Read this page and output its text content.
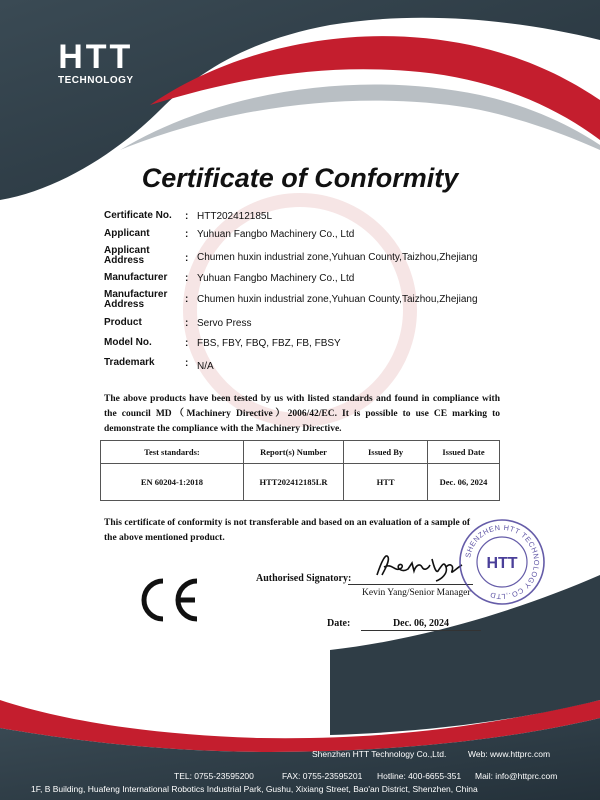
HTT
TECHNOLOGY
Certificate of Conformity
Certificate No.	: HTT202412185L
Applicant	: Yuhuan Fangbo Machinery Co., Ltd
Applicant Address	: Chumen huxin industrial zone,Yuhuan County,Taizhou,Zhejiang
Manufacturer	: Yuhuan Fangbo Machinery Co., Ltd
Manufacturer Address	: Chumen huxin industrial zone,Yuhuan County,Taizhou,Zhejiang
Product	: Servo Press
Model No.	: FBS, FBY, FBQ, FBZ, FB, FBSY
Trademark	: N/A
The above products have been tested by us with listed standards and found in compliance with the council MD（Machinery Directive）2006/42/EC. It is possible to use CE marking to demonstrate the compliance with the Machinery Directive.
Test standards:	Report(s) Number	Issued By	Issued Date
EN 60204-1:2018	HTT202412185LR	HTT	Dec. 06, 2024
This certificate of conformity is not transferable and based on an evaluation of a sample of the above mentioned product.
Authorised Signatory:
Kevin Yang/Senior Manager
SHENZHEN HTT TECHNOLOGY CO.,LTD
HTT
Date:	Dec. 06, 2024
Shenzhen HTT Technology Co.,Ltd.	Web: www.httprc.com
TEL: 0755-23595200	FAX: 0755-23595201 Hotline: 400-6655-351 Mail: info@httprc.com
1F, B Building, Huafeng International Robotics Industrial Park, Gushu, Xixiang Street, Bao'an District, Shenzhen, China
